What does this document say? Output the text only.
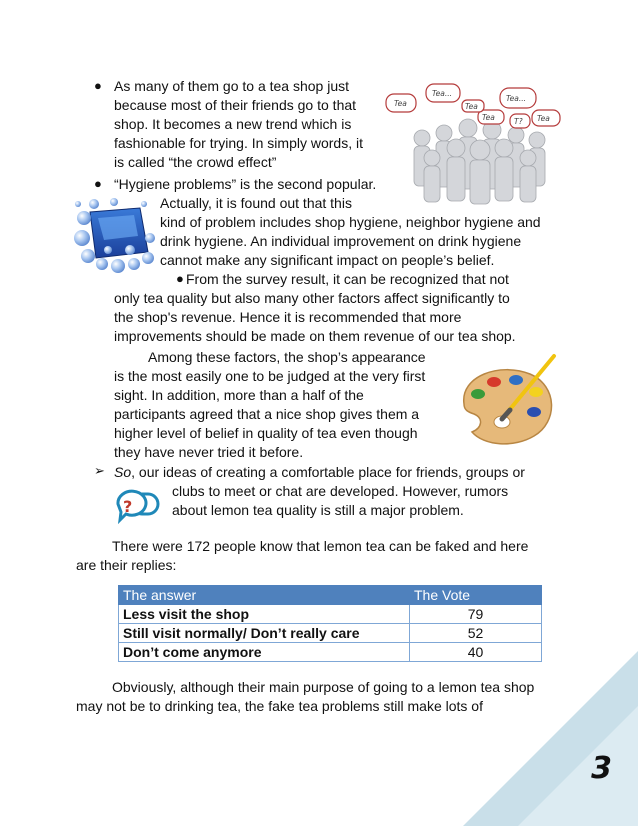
3
● As many of them go to a tea shop just
because most of their friends go to that
shop. It becomes a new trend which is
fashionable for trying. In simply words, it
is called “the crowd effect”
Tea
Tea...
Tea...
Tea	Tea
T?
Tea
● “Hygiene problems” is the second popular.
Actually, it is found out that this
kind of problem includes shop hygiene, neighbor hygiene and
drink hygiene. An individual improvement on drink hygiene
cannot make any significant impact on people’s belief.
● From the survey result, it can be recognized that not
only tea quality but also many other factors affect significantly to
the shop's revenue. Hence it is recommended that more
improvements should be made on them revenue of our tea shop.
Among these factors, the shop’s appearance
is the most easily one to be judged at the very first
sight. In addition, more than a half of the
participants agreed that a nice shop gives them a
higher level of belief in quality of tea even though
they have never tried it before.
➢ So, our ideas of creating a comfortable place for friends, groups or
clubs to meet or chat are developed. However, rumors
about lemon tea quality is still a major problem.
?
There were 172 people know that lemon tea can be faked and here
are their replies:
The answer	The Vote
Less visit the shop	79
Still visit normally/ Don’t really care	52
Don’t come anymore	40
Obviously, although their main purpose of going to a lemon tea shop
may not be to drinking tea, the fake tea problems still make lots of
